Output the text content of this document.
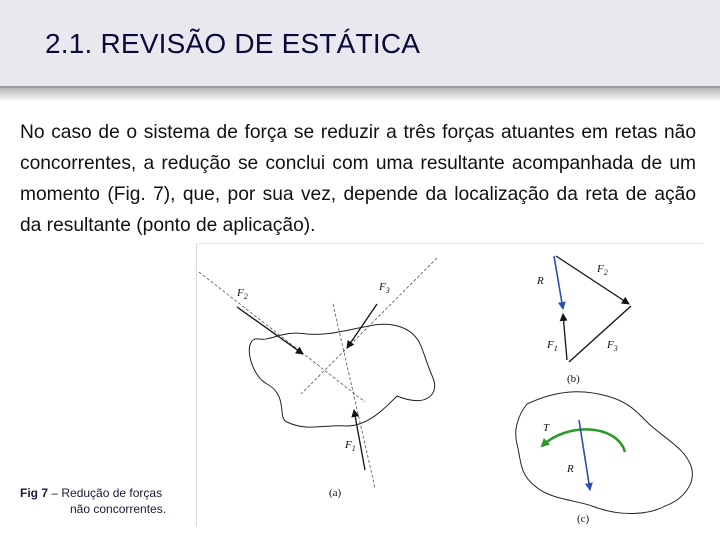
2.1. REVISÃO DE ESTÁTICA
No caso de o sistema de força se reduzir a três forças atuantes em retas não concorrentes, a redução se conclui com uma resultante acompanhada de um momento (Fig. 7), que, por sua vez, depende da localização da reta de ação da resultante (ponto de aplicação).
Fig 7 – Redução de forças
não concorrentes.
$F_2$
$F_3$
$F_1$
(a)
R
$F_2$
$F_1$	$F_3$
(b)
T
R
(c)
